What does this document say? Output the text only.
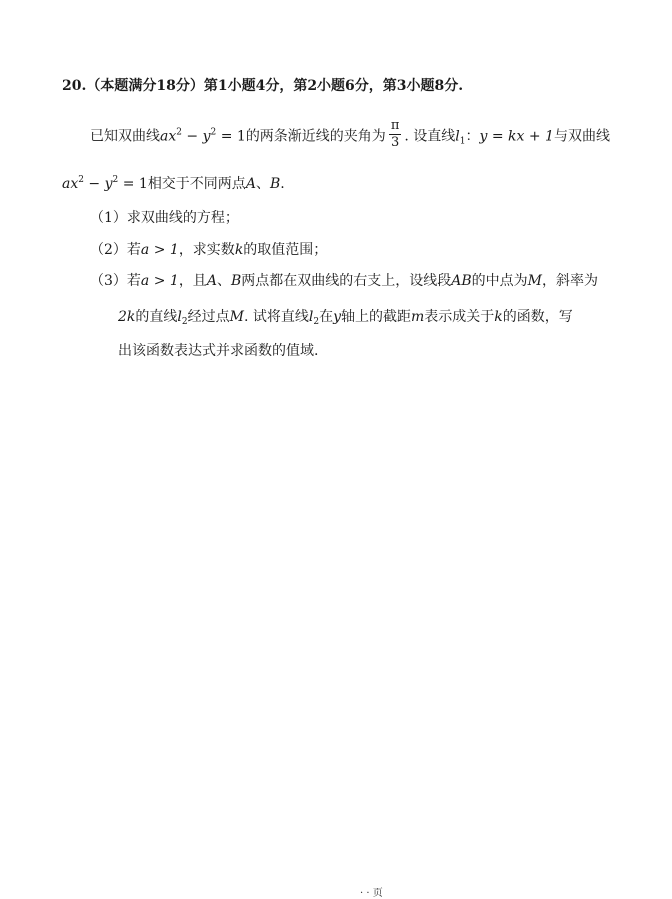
20.（本题满分18分）第1小题4分，第2小题6分，第3小题8分.
已知双曲线$ax^2 - y^2 = 1$的两条渐近线的夹角为 $\frac{\pi}{3}$ . 设直线$l_1$：y = kx + 1与双曲线
$ax^2 - y^2 = 1$相交于不同两点A、B.
（1）求双曲线的方程；
（2）若a > 1，求实数k的取值范围；
（3）若a > 1，且A、B两点都在双曲线的右支上，设线段AB的中点为M，斜率为
2k的直线$l_2$经过点M. 试将直线$l_2$在y轴上的截距m表示成关于k的函数，写
出该函数表达式并求函数的值域.
· · 页
